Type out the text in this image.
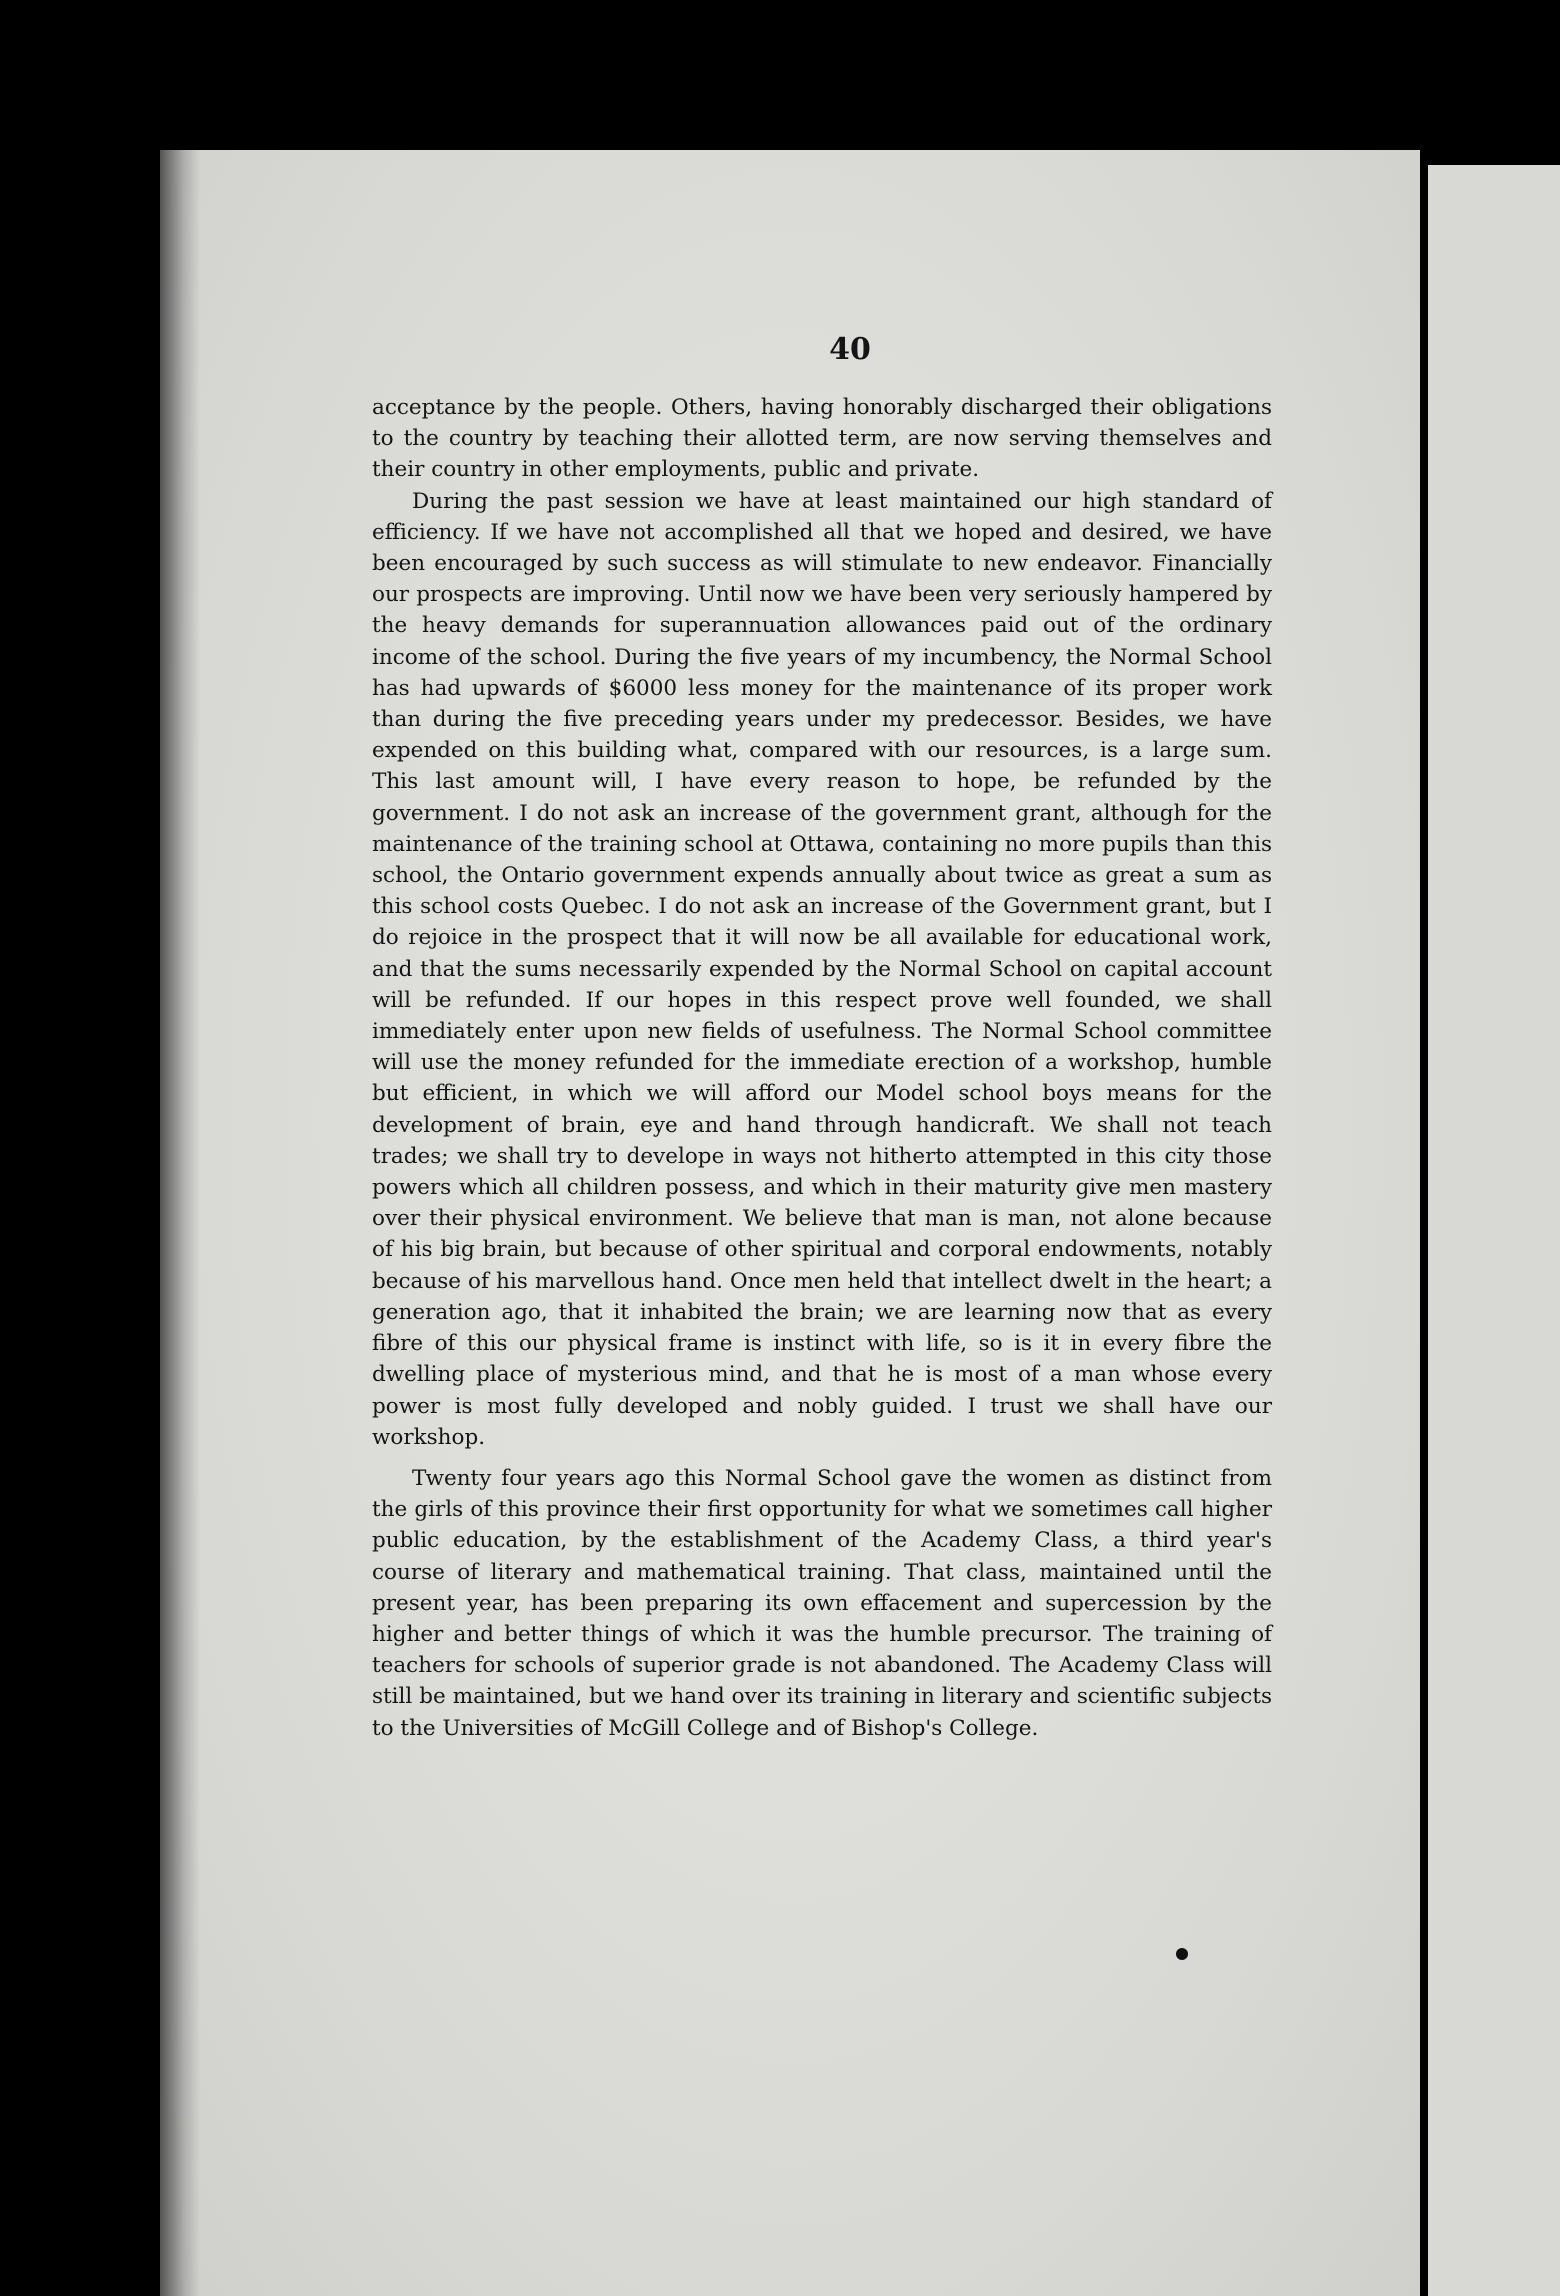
40

acceptance by the people. Others, having honorably discharged their obligations to the country by teaching their allotted term, are now serving themselves and their country in other employments, public and private.

During the past session we have at least maintained our high standard of efficiency. If we have not accomplished all that we hoped and desired, we have been encouraged by such success as will stimulate to new endeavor. Financially our prospects are improving. Until now we have been very seriously hampered by the heavy demands for superannuation allowances paid out of the ordinary income of the school. During the five years of my incumbency, the Normal School has had upwards of $6000 less money for the maintenance of its proper work than during the five preceding years under my predecessor. Besides, we have expended on this building what, compared with our resources, is a large sum. This last amount will, I have every reason to hope, be refunded by the government. I do not ask an increase of the government grant, although for the maintenance of the training school at Ottawa, containing no more pupils than this school, the Ontario government expends annually about twice as great a sum as this school costs Quebec. I do not ask an increase of the Government grant, but I do rejoice in the prospect that it will now be all available for educational work, and that the sums necessarily expended by the Normal School on capital account will be refunded. If our hopes in this respect prove well founded, we shall immediately enter upon new fields of usefulness. The Normal School committee will use the money refunded for the immediate erection of a workshop, humble but efficient, in which we will afford our Model school boys means for the development of brain, eye and hand through handicraft. We shall not teach trades; we shall try to develope in ways not hitherto attempted in this city those powers which all children possess, and which in their maturity give men mastery over their physical environment. We believe that man is man, not alone because of his big brain, but because of other spiritual and corporal endowments, notably because of his marvellous hand. Once men held that intellect dwelt in the heart; a generation ago, that it inhabited the brain; we are learning now that as every fibre of this our physical frame is instinct with life, so is it in every fibre the dwelling place of mysterious mind, and that he is most of a man whose every power is most fully developed and nobly guided. I trust we shall have our workshop.

Twenty four years ago this Normal School gave the women as distinct from the girls of this province their first opportunity for what we sometimes call higher public education, by the establishment of the Academy Class, a third year's course of literary and mathematical training. That class, maintained until the present year, has been preparing its own effacement and supercession by the higher and better things of which it was the humble precursor. The training of teachers for schools of superior grade is not abandoned. The Academy Class will still be maintained, but we hand over its training in literary and scientific subjects to the Universities of McGill College and of Bishop's College.
